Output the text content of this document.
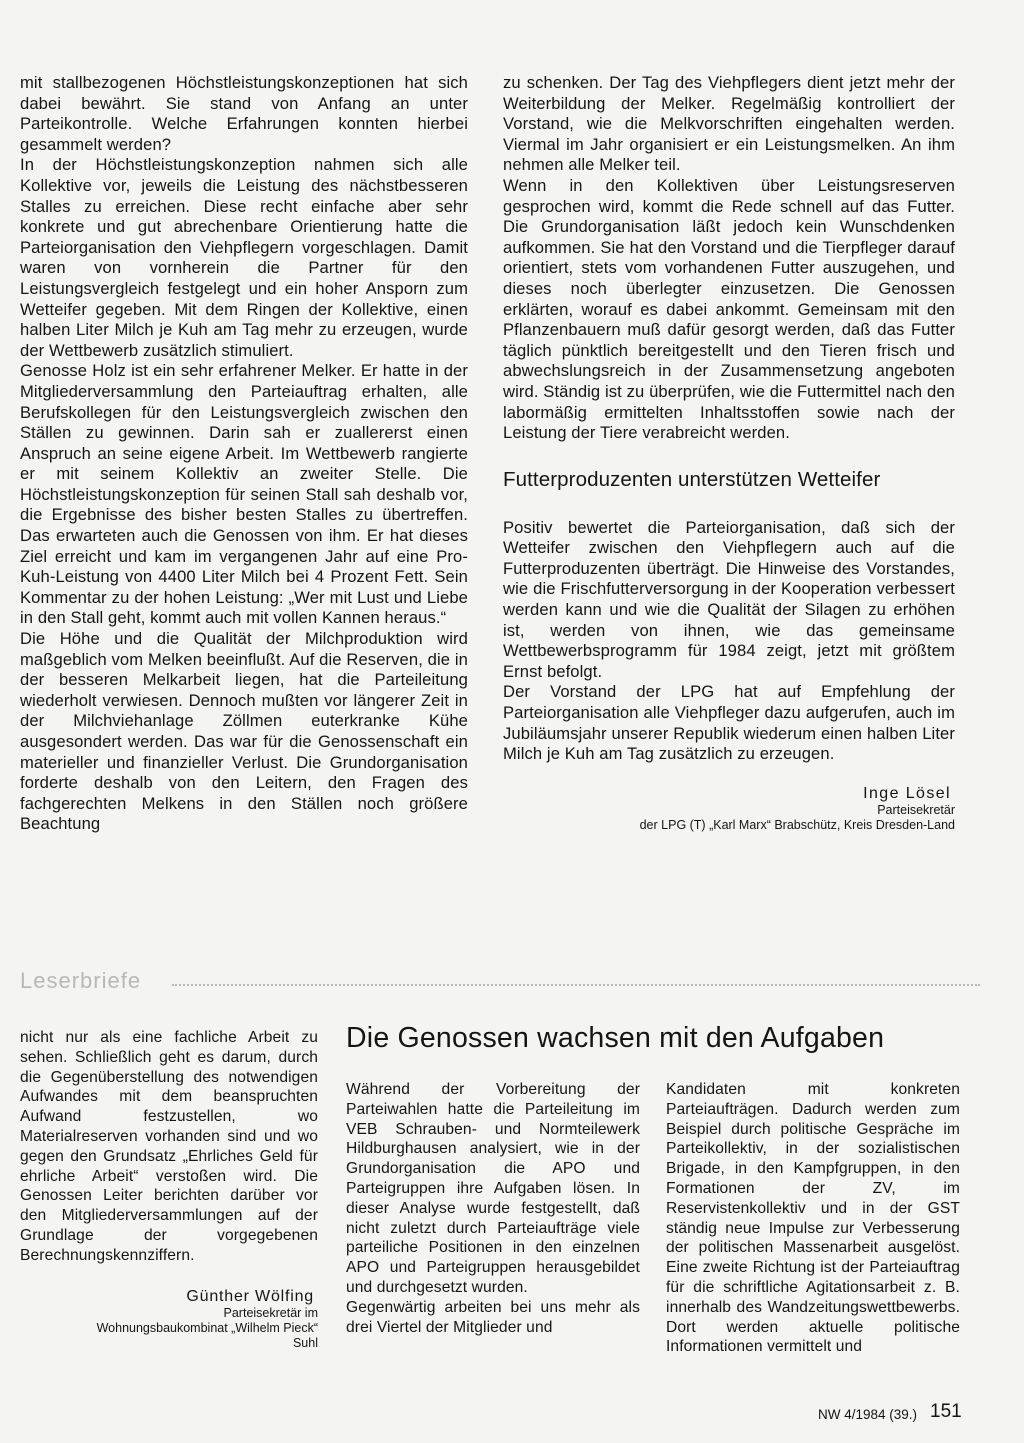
mit stallbezogenen Höchstleistungskonzeptionen hat sich dabei bewährt. Sie stand von Anfang an unter Parteikontrolle. Welche Erfahrungen konnten hierbei gesammelt werden?

In der Höchstleistungskonzeption nahmen sich alle Kollektive vor, jeweils die Leistung des nächstbesseren Stalles zu erreichen. Diese recht einfache aber sehr konkrete und gut abrechenbare Orientierung hatte die Parteiorganisation den Viehpflegern vorgeschlagen. Damit waren von vornherein die Partner für den Leistungsvergleich festgelegt und ein hoher Ansporn zum Wetteifer gegeben. Mit dem Ringen der Kollektive, einen halben Liter Milch je Kuh am Tag mehr zu erzeugen, wurde der Wettbewerb zusätzlich stimuliert.

Genosse Holz ist ein sehr erfahrener Melker. Er hatte in der Mitgliederversammlung den Parteiauftrag erhalten, alle Berufskollegen für den Leistungsvergleich zwischen den Ställen zu gewinnen. Darin sah er zuallererst einen Anspruch an seine eigene Arbeit. Im Wettbewerb rangierte er mit seinem Kollektiv an zweiter Stelle. Die Höchstleistungskonzeption für seinen Stall sah deshalb vor, die Ergebnisse des bisher besten Stalles zu übertreffen. Das erwarteten auch die Genossen von ihm. Er hat dieses Ziel erreicht und kam im vergangenen Jahr auf eine Pro-Kuh-Leistung von 4400 Liter Milch bei 4 Prozent Fett. Sein Kommentar zu der hohen Leistung: „Wer mit Lust und Liebe in den Stall geht, kommt auch mit vollen Kannen heraus.“

Die Höhe und die Qualität der Milchproduktion wird maßgeblich vom Melken beeinflußt. Auf die Reserven, die in der besseren Melkarbeit liegen, hat die Parteileitung wiederholt verwiesen. Dennoch mußten vor längerer Zeit in der Milchviehanlage Zöllmen euterkranke Kühe ausgesondert werden. Das war für die Genossenschaft ein materieller und finanzieller Verlust. Die Grundorganisation forderte deshalb von den Leitern, den Fragen des fachgerechten Melkens in den Ställen noch größere Beachtung

zu schenken. Der Tag des Viehpflegers dient jetzt mehr der Weiterbildung der Melker. Regelmäßig kontrolliert der Vorstand, wie die Melkvorschriften eingehalten werden. Viermal im Jahr organisiert er ein Leistungsmelken. An ihm nehmen alle Melker teil.

Wenn in den Kollektiven über Leistungsreserven gesprochen wird, kommt die Rede schnell auf das Futter. Die Grundorganisation läßt jedoch kein Wunschdenken aufkommen. Sie hat den Vorstand und die Tierpfleger darauf orientiert, stets vom vorhandenen Futter auszugehen, und dieses noch überlegter einzusetzen. Die Genossen erklärten, worauf es dabei ankommt. Gemeinsam mit den Pflanzenbauern muß dafür gesorgt werden, daß das Futter täglich pünktlich bereitgestellt und den Tieren frisch und abwechslungsreich in der Zusammensetzung angeboten wird. Ständig ist zu überprüfen, wie die Futtermittel nach den labormäßig ermittelten Inhaltsstoffen sowie nach der Leistung der Tiere verabreicht werden.

Futterproduzenten unterstützen Wetteifer

Positiv bewertet die Parteiorganisation, daß sich der Wetteifer zwischen den Viehpflegern auch auf die Futterproduzenten überträgt. Die Hinweise des Vorstandes, wie die Frischfutterversorgung in der Kooperation verbessert werden kann und wie die Qualität der Silagen zu erhöhen ist, werden von ihnen, wie das gemeinsame Wettbewerbsprogramm für 1984 zeigt, jetzt mit größtem Ernst befolgt.

Der Vorstand der LPG hat auf Empfehlung der Parteiorganisation alle Viehpfleger dazu aufgerufen, auch im Jubiläumsjahr unserer Republik wiederum einen halben Liter Milch je Kuh am Tag zusätzlich zu erzeugen.

Inge Lösel
Parteisekretär
der LPG (T) „Karl Marx“ Brabschütz, Kreis Dresden-Land
Leserbriefe

nicht nur als eine fachliche Arbeit zu sehen. Schließlich geht es darum, durch die Gegenüberstellung des notwendigen Aufwandes mit dem beanspruchten Aufwand festzustellen, wo Materialreserven vorhanden sind und wo gegen den Grundsatz „Ehrliches Geld für ehrliche Arbeit“ verstoßen wird. Die Genossen Leiter berichten darüber vor den Mitgliederversammlungen auf der Grundlage der vorgegebenen Berechnungskennziffern.

Günther Wölfing
Parteisekretär im
Wohnungsbaukombinat „Wilhelm Pieck“
Suhl
Die Genossen wachsen mit den Aufgaben

Während der Vorbereitung der Parteiwahlen hatte die Parteileitung im VEB Schrauben- und Normteilewerk Hildburghausen analysiert, wie in der Grundorganisation die APO und Parteigruppen ihre Aufgaben lösen. In dieser Analyse wurde festgestellt, daß nicht zuletzt durch Parteiaufträge viele parteiliche Positionen in den einzelnen APO und Parteigruppen herausgebildet und durchgesetzt wurden.

Gegenwärtig arbeiten bei uns mehr als drei Viertel der Mitglieder und

Kandidaten mit konkreten Parteiaufträgen. Dadurch werden zum Beispiel durch politische Gespräche im Parteikollektiv, in der sozialistischen Brigade, in den Kampfgruppen, in den Formationen der ZV, im Reservistenkollektiv und in der GST ständig neue Impulse zur Verbesserung der politischen Massenarbeit ausgelöst. Eine zweite Richtung ist der Parteiauftrag für die schriftliche Agitationsarbeit z. B. innerhalb des Wandzeitungswettbewerbs. Dort werden aktuelle politische Informationen vermittelt und

NW 4/1984 (39.) 151
